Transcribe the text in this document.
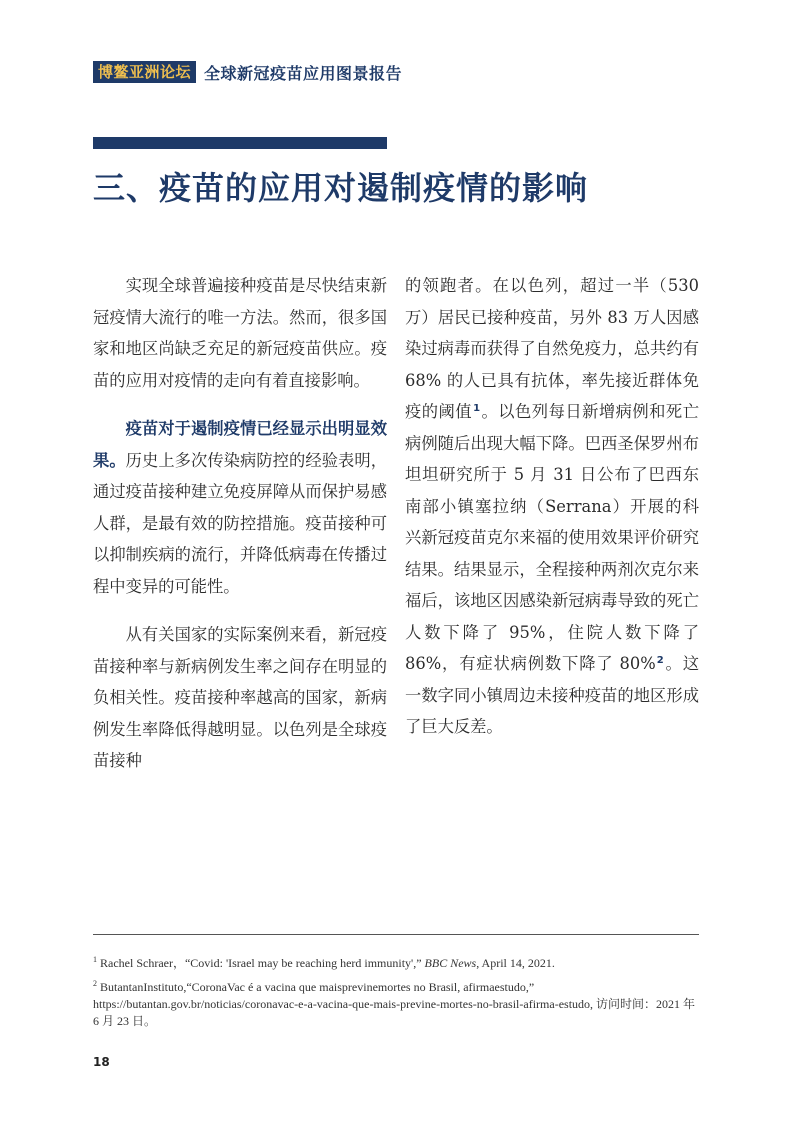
博鳌亚洲论坛 全球新冠疫苗应用图景报告
三、疫苗的应用对遏制疫情的影响

实现全球普遍接种疫苗是尽快结束新冠疫情大流行的唯一方法。然而，很多国家和地区尚缺乏充足的新冠疫苗供应。疫苗的应用对疫情的走向有着直接影响。

疫苗对于遏制疫情已经显示出明显效果。历史上多次传染病防控的经验表明，通过疫苗接种建立免疫屏障从而保护易感人群，是最有效的防控措施。疫苗接种可以抑制疾病的流行，并降低病毒在传播过程中变异的可能性。

从有关国家的实际案例来看，新冠疫苗接种率与新病例发生率之间存在明显的负相关性。疫苗接种率越高的国家，新病例发生率降低得越明显。以色列是全球疫苗接种

的领跑者。在以色列，超过一半（530万）居民已接种疫苗，另外 83 万人因感染过病毒而获得了自然免疫力，总共约有68% 的人已具有抗体，率先接近群体免疫的阈值$^1$。以色列每日新增病例和死亡病例随后出现大幅下降。巴西圣保罗州布坦坦研究所于 5 月 31 日公布了巴西东南部小镇塞拉纳（Serrana）开展的科兴新冠疫苗克尔来福的使用效果评价研究结果。结果显示，全程接种两剂次克尔来福后，该地区因感染新冠病毒导致的死亡人数下降了 95%，住院人数下降了 86%，有症状病例数下降了 80%$^2$。这一数字同小镇周边未接种疫苗的地区形成了巨大反差。

$^1$ Rachel Schraer，“Covid: 'Israel may be reaching herd immunity',” BBC News, April 14, 2021.

$^2$ ButantanInstituto,“CoronaVac é a vacina que maisprevinemortes no Brasil, afirmaestudo,” https://butantan.gov.br/noticias/coronavac-e-a-vacina-que-mais-previne-mortes-no-brasil-afirma-estudo, 访问时间：2021 年 6 月 23 日。

18
